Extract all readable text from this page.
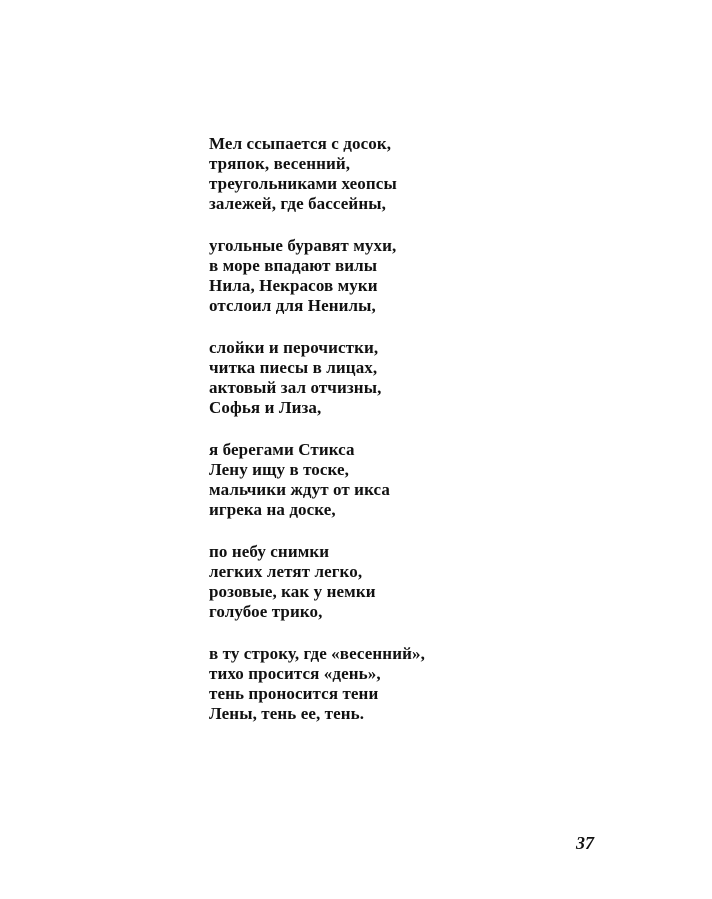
Мел ссыпается с досок,
тряпок, весенний,
треугольниками хеопсы
залежей, где бассейны,
угольные буравят мухи,
в море впадают вилы
Нила, Некрасов муки
отслоил для Ненилы,
слойки и перочистки,
читка пиесы в лицах,
актовый зал отчизны,
Софья и Лиза,
я берегами Стикса
Лену ищу в тоске,
мальчики ждут от икса
игрека на доске,
по небу снимки
легких летят легко,
розовые, как у немки
голубое трико,
в ту строку, где «весенний»,
тихо просится «день»,
тень проносится тени
Лены, тень ее, тень.
37
